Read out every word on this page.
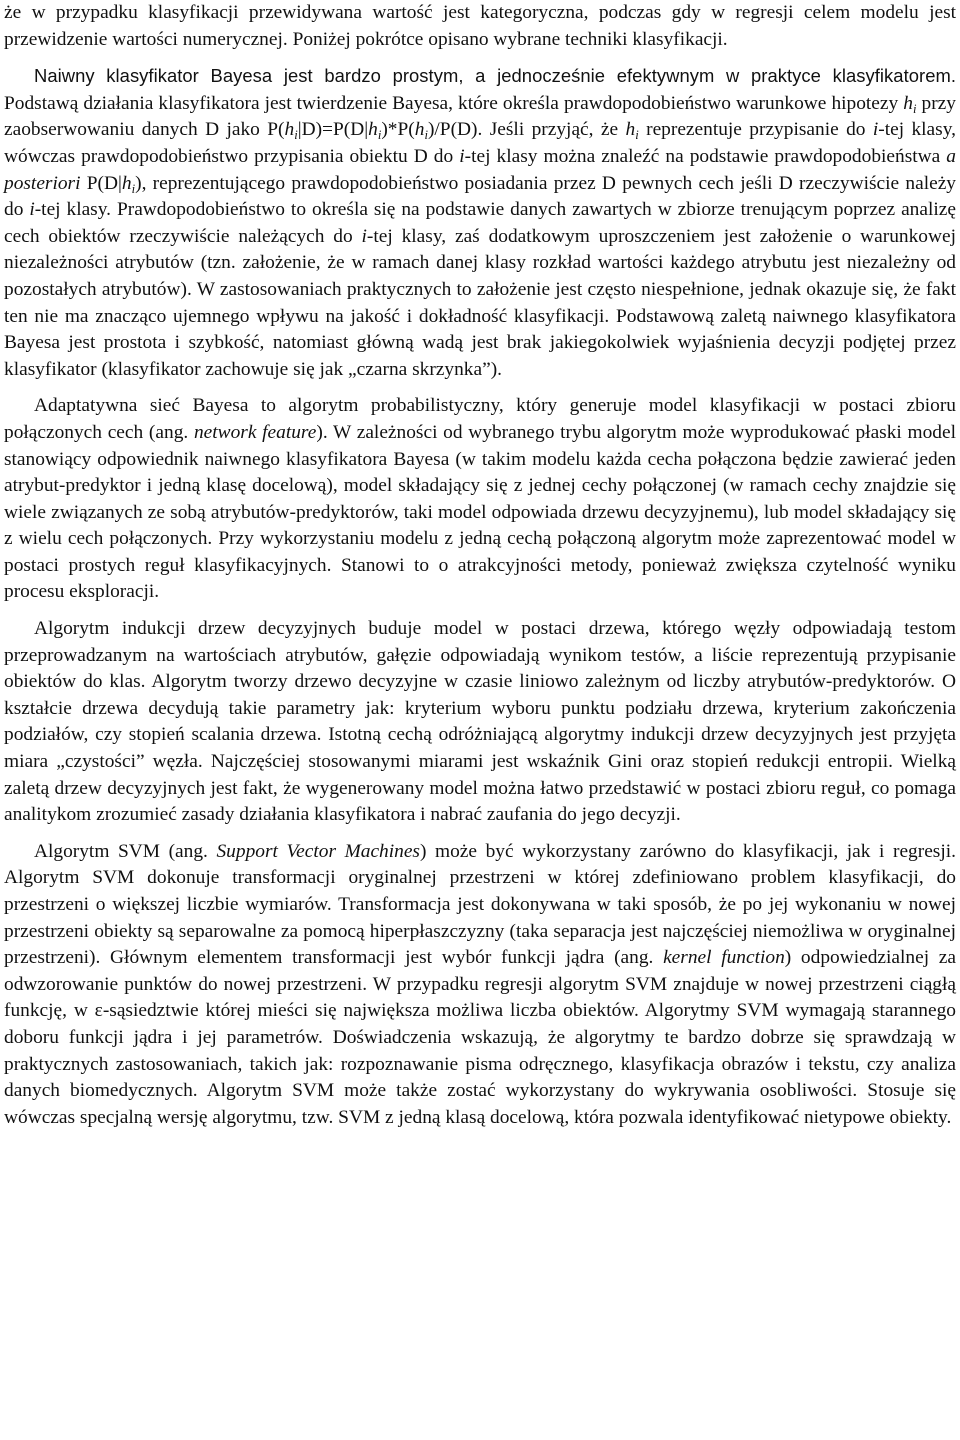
że w przypadku klasyfikacji przewidywana wartość jest kategoryczna, podczas gdy w regresji celem modelu jest przewidzenie wartości numerycznej. Poniżej pokrótce opisano wybrane techniki klasyfikacji.

Naiwny klasyfikator Bayesa jest bardzo prostym, a jednocześnie efektywnym w praktyce klasyfikatorem. Podstawą działania klasyfikatora jest twierdzenie Bayesa, które określa prawdopodobieństwo warunkowe hipotezy $h_i$ przy zaobserwowaniu danych D jako $P(h_i|D)=P(D|h_i)*P(h_i)/P(D)$. Jeśli przyjąć, że $h_i$ reprezentuje przypisanie do i-tej klasy, wówczas prawdopodobieństwo przypisania obiektu D do i-tej klasy można znaleźć na podstawie prawdopodobieństwa a posteriori $P(D|h_i)$, reprezentującego prawdopodobieństwo posiadania przez D pewnych cech jeśli D rzeczywiście należy do i-tej klasy. Prawdopodobieństwo to określa się na podstawie danych zawartych w zbiorze trenującym poprzez analizę cech obiektów rzeczywiście należących do i-tej klasy, zaś dodatkowym uproszczeniem jest założenie o warunkowej niezależności atrybutów (tzn. założenie, że w ramach danej klasy rozkład wartości każdego atrybutu jest niezależny od pozostałych atrybutów). W zastosowaniach praktycznych to założenie jest często niespełnione, jednak okazuje się, że fakt ten nie ma znacząco ujemnego wpływu na jakość i dokładność klasyfikacji. Podstawową zaletą naiwnego klasyfikatora Bayesa jest prostota i szybkość, natomiast główną wadą jest brak jakiegokolwiek wyjaśnienia decyzji podjętej przez klasyfikator (klasyfikator zachowuje się jak „czarna skrzynka”).

Adaptatywna sieć Bayesa to algorytm probabilistyczny, który generuje model klasyfikacji w postaci zbioru połączonych cech (ang. network feature). W zależności od wybranego trybu algorytm może wyprodukować płaski model stanowiący odpowiednik naiwnego klasyfikatora Bayesa (w takim modelu każda cecha połączona będzie zawierać jeden atrybut-predyktor i jedną klasę docelową), model składający się z jednej cechy połączonej (w ramach cechy znajdzie się wiele związanych ze sobą atrybutów-predyktorów, taki model odpowiada drzewu decyzyjnemu), lub model składający się z wielu cech połączonych. Przy wykorzystaniu modelu z jedną cechą połączoną algorytm może zaprezentować model w postaci prostych reguł klasyfikacyjnych. Stanowi to o atrakcyjności metody, ponieważ zwiększa czytelność wyniku procesu eksploracji.

Algorytm indukcji drzew decyzyjnych buduje model w postaci drzewa, którego węzły odpowiadają testom przeprowadzanym na wartościach atrybutów, gałęzie odpowiadają wynikom testów, a liście reprezentują przypisanie obiektów do klas. Algorytm tworzy drzewo decyzyjne w czasie liniowo zależnym od liczby atrybutów-predyktorów. O kształcie drzewa decydują takie parametry jak: kryterium wyboru punktu podziału drzewa, kryterium zakończenia podziałów, czy stopień scalania drzewa. Istotną cechą odróżniającą algorytmy indukcji drzew decyzyjnych jest przyjęta miara „czystości” węzła. Najczęściej stosowanymi miarami jest wskaźnik Gini oraz stopień redukcji entropii. Wielką zaletą drzew decyzyjnych jest fakt, że wygenerowany model można łatwo przedstawić w postaci zbioru reguł, co pomaga analitykom zrozumieć zasady działania klasyfikatora i nabrać zaufania do jego decyzji.

Algorytm SVM (ang. Support Vector Machines) może być wykorzystany zarówno do klasyfikacji, jak i regresji. Algorytm SVM dokonuje transformacji oryginalnej przestrzeni w której zdefiniowano problem klasyfikacji, do przestrzeni o większej liczbie wymiarów. Transformacja jest dokonywana w taki sposób, że po jej wykonaniu w nowej przestrzeni obiekty są separowalne za pomocą hiperpłaszczyzny (taka separacja jest najczęściej niemożliwa w oryginalnej przestrzeni). Głównym elementem transformacji jest wybór funkcji jądra (ang. kernel function) odpowiedzialnej za odwzorowanie punktów do nowej przestrzeni. W przypadku regresji algorytm SVM znajduje w nowej przestrzeni ciągłą funkcję, w ε-sąsiedztwie której mieści się największa możliwa liczba obiektów. Algorytmy SVM wymagają starannego doboru funkcji jądra i jej parametrów. Doświadczenia wskazują, że algorytmy te bardzo dobrze się sprawdzają w praktycznych zastosowaniach, takich jak: rozpoznawanie pisma odręcznego, klasyfikacja obrazów i tekstu, czy analiza danych biomedycznych. Algorytm SVM może także zostać wykorzystany do wykrywania osobliwości. Stosuje się wówczas specjalną wersję algorytmu, tzw. SVM z jedną klasą docelową, która pozwala identyfikować nietypowe obiekty.
